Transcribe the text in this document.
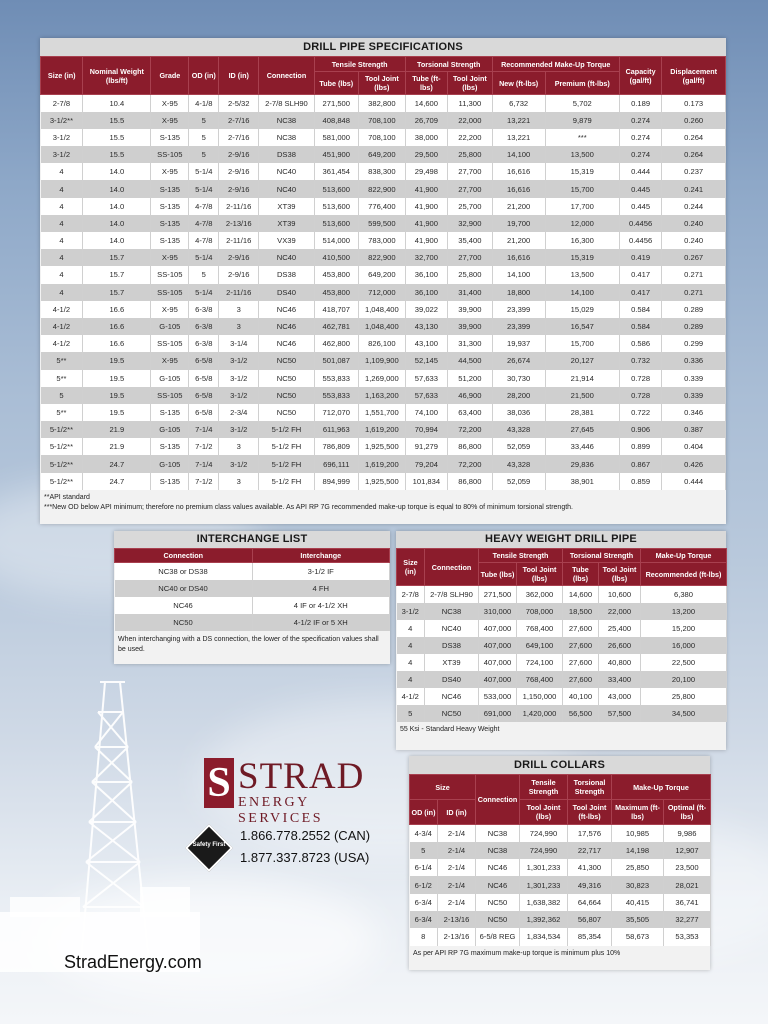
DRILL PIPE SPECIFICATIONS
Size (in)	Nominal Weight (lbs/ft)	Grade	OD (in)	ID (in)	Connection	Tensile Strength		Torsional Strength		Recommended Make-Up Torque		Capacity (gal/ft)	Displacement (gal/ft)
						Tube (lbs)	Tool Joint (lbs)	Tube (ft-lbs)	Tool Joint (lbs)	New (ft-lbs)	Premium (ft-lbs)		
2-7/8	10.4	X-95	4-1/8	2-5/32	2-7/8 SLH90	271,500	382,800	14,600	11,300	6,732	5,702	0.189	0.173
3-1/2**	15.5	X-95	5	2-7/16	NC38	408,848	708,100	26,709	22,000	13,221	9,879	0.274	0.260
3-1/2	15.5	S-135	5	2-7/16	NC38	581,000	708,100	38,000	22,200	13,221	***	0.274	0.264
3-1/2	15.5	SS-105	5	2-9/16	DS38	451,900	649,200	29,500	25,800	14,100	13,500	0.274	0.264
4	14.0	X-95	5-1/4	2-9/16	NC40	361,454	838,300	29,498	27,700	16,616	15,319	0.444	0.237
4	14.0	S-135	5-1/4	2-9/16	NC40	513,600	822,900	41,900	27,700	16,616	15,700	0.445	0.241
4	14.0	S-135	4-7/8	2-11/16	XT39	513,600	776,400	41,900	25,700	21,200	17,700	0.445	0.244
4	14.0	S-135	4-7/8	2-13/16	XT39	513,600	599,500	41,900	32,900	19,700	12,000	0.4456	0.240
4	14.0	S-135	4-7/8	2-11/16	VX39	514,000	783,000	41,900	35,400	21,200	16,300	0.4456	0.240
4	15.7	X-95	5-1/4	2-9/16	NC40	410,500	822,900	32,700	27,700	16,616	15,319	0.419	0.267
4	15.7	SS-105	5	2-9/16	DS38	453,800	649,200	36,100	25,800	14,100	13,500	0.417	0.271
4	15.7	SS-105	5-1/4	2-11/16	DS40	453,800	712,000	36,100	31,400	18,800	14,100	0.417	0.271
4-1/2	16.6	X-95	6-3/8	3	NC46	418,707	1,048,400	39,022	39,900	23,399	15,029	0.584	0.289
4-1/2	16.6	G-105	6-3/8	3	NC46	462,781	1,048,400	43,130	39,900	23,399	16,547	0.584	0.289
4-1/2	16.6	SS-105	6-3/8	3-1/4	NC46	462,800	826,100	43,100	31,300	19,937	15,700	0.586	0.299
5**	19.5	X-95	6-5/8	3-1/2	NC50	501,087	1,109,900	52,145	44,500	26,674	20,127	0.732	0.336
5**	19.5	G-105	6-5/8	3-1/2	NC50	553,833	1,269,000	57,633	51,200	30,730	21,914	0.728	0.339
5	19.5	SS-105	6-5/8	3-1/2	NC50	553,833	1,163,200	57,633	46,900	28,200	21,500	0.728	0.339
5**	19.5	S-135	6-5/8	2-3/4	NC50	712,070	1,551,700	74,100	63,400	38,036	28,381	0.722	0.346
5-1/2**	21.9	G-105	7-1/4	3-1/2	5-1/2 FH	611,963	1,619,200	70,994	72,200	43,328	27,645	0.906	0.387
5-1/2**	21.9	S-135	7-1/2	3	5-1/2 FH	786,809	1,925,500	91,279	86,800	52,059	33,446	0.899	0.404
5-1/2**	24.7	G-105	7-1/4	3-1/2	5-1/2 FH	696,111	1,619,200	79,204	72,200	43,328	29,836	0.867	0.426
5-1/2**	24.7	S-135	7-1/2	3	5-1/2 FH	894,999	1,925,500	101,834	86,800	52,059	38,901	0.859	0.444
**API standard
***New OD below API minimum; therefore no premium class values available. As API RP 7G recommended make-up torque is equal to 80% of minimum torsional strength.
INTERCHANGE LIST
Connection	Interchange
NC38 or DS38	3-1/2 IF
NC40 or DS40	4 FH
NC46	4 IF or 4-1/2 XH
NC50	4-1/2 IF or 5 XH
When interchanging with a DS connection, the lower of the specification values shall be used.
HEAVY WEIGHT DRILL PIPE
Size (in)	Connection	Tensile Strength		Torsional Strength		Make-Up Torque
		Tube (lbs)	Tool Joint (lbs)	Tube (lbs)	Tool Joint (lbs)	Recommended (ft-lbs)
2-7/8	2-7/8 SLH90	271,500	362,000	14,600	10,600	6,380
3-1/2	NC38	310,000	708,000	18,500	22,000	13,200
4	NC40	407,000	768,400	27,600	25,400	15,200
4	DS38	407,000	649,100	27,600	26,600	16,000
4	XT39	407,000	724,100	27,600	40,800	22,500
4	DS40	407,000	768,400	27,600	33,400	20,100
4-1/2	NC46	533,000	1,150,000	40,100	43,000	25,800
5	NC50	691,000	1,420,000	56,500	57,500	34,500
55 Ksi - Standard Heavy Weight
DRILL COLLARS
Size		Connection	Tensile Strength	Torsional Strength	Make-Up Torque	
OD (in)	ID (in)		Tool Joint (lbs)	Tool Joint (ft-lbs)	Maximum (ft-lbs)	Optimal (ft-lbs)
4-3/4	2-1/4	NC38	724,990	17,576	10,985	9,986
5	2-1/4	NC38	724,990	22,717	14,198	12,907
6-1/4	2-1/4	NC46	1,301,233	41,300	25,850	23,500
6-1/2	2-1/4	NC46	1,301,233	49,316	30,823	28,021
6-3/4	2-1/4	NC50	1,638,382	64,664	40,415	36,741
6-3/4	2-13/16	NC50	1,392,362	56,807	35,505	32,277
8	2-13/16	6-5/8 REG	1,834,534	85,354	58,673	53,353
As per API RP 7G maximum make-up torque is minimum plus 10%
S STRAD
ENERGY SERVICES
Safety First
1.866.778.2552 (CAN)
1.877.337.8723 (USA)
StradEnergy.com
